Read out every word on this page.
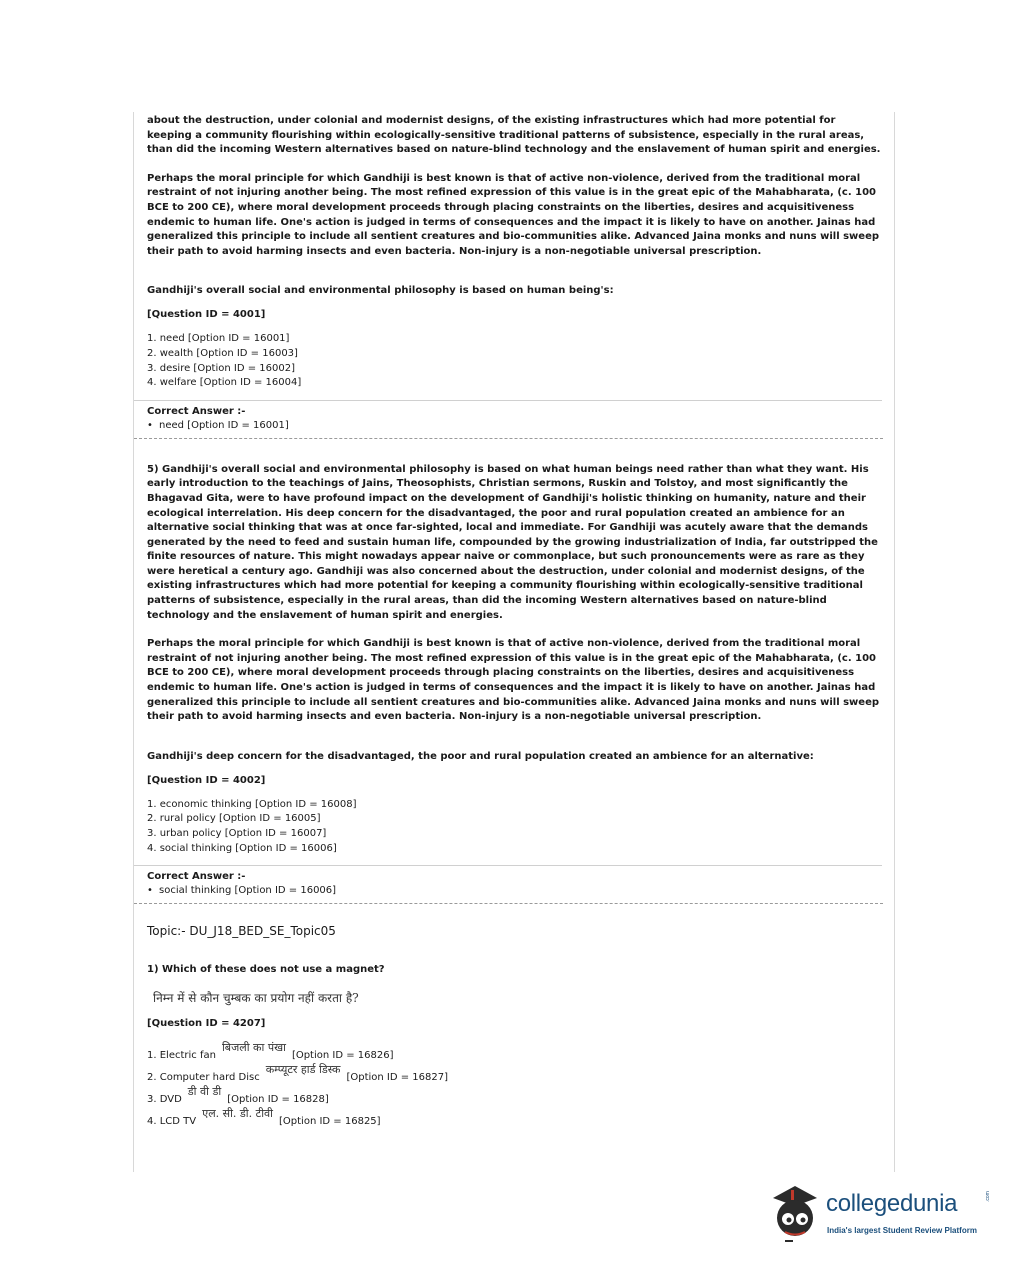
about the destruction, under colonial and modernist designs, of the existing infrastructures which had more potential for keeping a community flourishing within ecologically-sensitive traditional patterns of subsistence, especially in the rural areas, than did the incoming Western alternatives based on nature-blind technology and the enslavement of human spirit and energies.

Perhaps the moral principle for which Gandhiji is best known is that of active non-violence, derived from the traditional moral restraint of not injuring another being. The most refined expression of this value is in the great epic of the Mahabharata, (c. 100 BCE to 200 CE), where moral development proceeds through placing constraints on the liberties, desires and acquisitiveness endemic to human life. One's action is judged in terms of consequences and the impact it is likely to have on another. Jainas had generalized this principle to include all sentient creatures and bio-communities alike. Advanced Jaina monks and nuns will sweep their path to avoid harming insects and even bacteria. Non-injury is a non-negotiable universal prescription.

Gandhiji's overall social and environmental philosophy is based on human being's:

[Question ID = 4001]

1. need [Option ID = 16001]
2. wealth [Option ID = 16003]
3. desire [Option ID = 16002]
4. welfare [Option ID = 16004]

Correct Answer :-

• need [Option ID = 16001]

5) Gandhiji's overall social and environmental philosophy is based on what human beings need rather than what they want. His early introduction to the teachings of Jains, Theosophists, Christian sermons, Ruskin and Tolstoy, and most significantly the Bhagavad Gita, were to have profound impact on the development of Gandhiji's holistic thinking on humanity, nature and their ecological interrelation. His deep concern for the disadvantaged, the poor and rural population created an ambience for an alternative social thinking that was at once far-sighted, local and immediate. For Gandhiji was acutely aware that the demands generated by the need to feed and sustain human life, compounded by the growing industrialization of India, far outstripped the finite resources of nature. This might nowadays appear naive or commonplace, but such pronouncements were as rare as they were heretical a century ago. Gandhiji was also concerned about the destruction, under colonial and modernist designs, of the existing infrastructures which had more potential for keeping a community flourishing within ecologically-sensitive traditional patterns of subsistence, especially in the rural areas, than did the incoming Western alternatives based on nature-blind technology and the enslavement of human spirit and energies.

Perhaps the moral principle for which Gandhiji is best known is that of active non-violence, derived from the traditional moral restraint of not injuring another being. The most refined expression of this value is in the great epic of the Mahabharata, (c. 100 BCE to 200 CE), where moral development proceeds through placing constraints on the liberties, desires and acquisitiveness endemic to human life. One's action is judged in terms of consequences and the impact it is likely to have on another. Jainas had generalized this principle to include all sentient creatures and bio-communities alike. Advanced Jaina monks and nuns will sweep their path to avoid harming insects and even bacteria. Non-injury is a non-negotiable universal prescription.

Gandhiji's deep concern for the disadvantaged, the poor and rural population created an ambience for an alternative:

[Question ID = 4002]

1. economic thinking [Option ID = 16008]
2. rural policy [Option ID = 16005]
3. urban policy [Option ID = 16007]
4. social thinking [Option ID = 16006]

Correct Answer :-

• social thinking [Option ID = 16006]

Topic:- DU_J18_BED_SE_Topic05

1) Which of these does not use a magnet?

निम्न में से कौन चुम्बक का प्रयोग नहीं करता है?

[Question ID = 4207]

1. Electric fan
बिजली का पंखा
[Option ID = 16826]

2. Computer hard Disc
कम्प्यूटर हार्ड डिस्क
[Option ID = 16827]

3. DVD
डी वी डी
[Option ID = 16828]

4. LCD TV
एल. सी. डी. टीवी
[Option ID = 16825]

collegedunia	.com
India's largest Student Review Platform
